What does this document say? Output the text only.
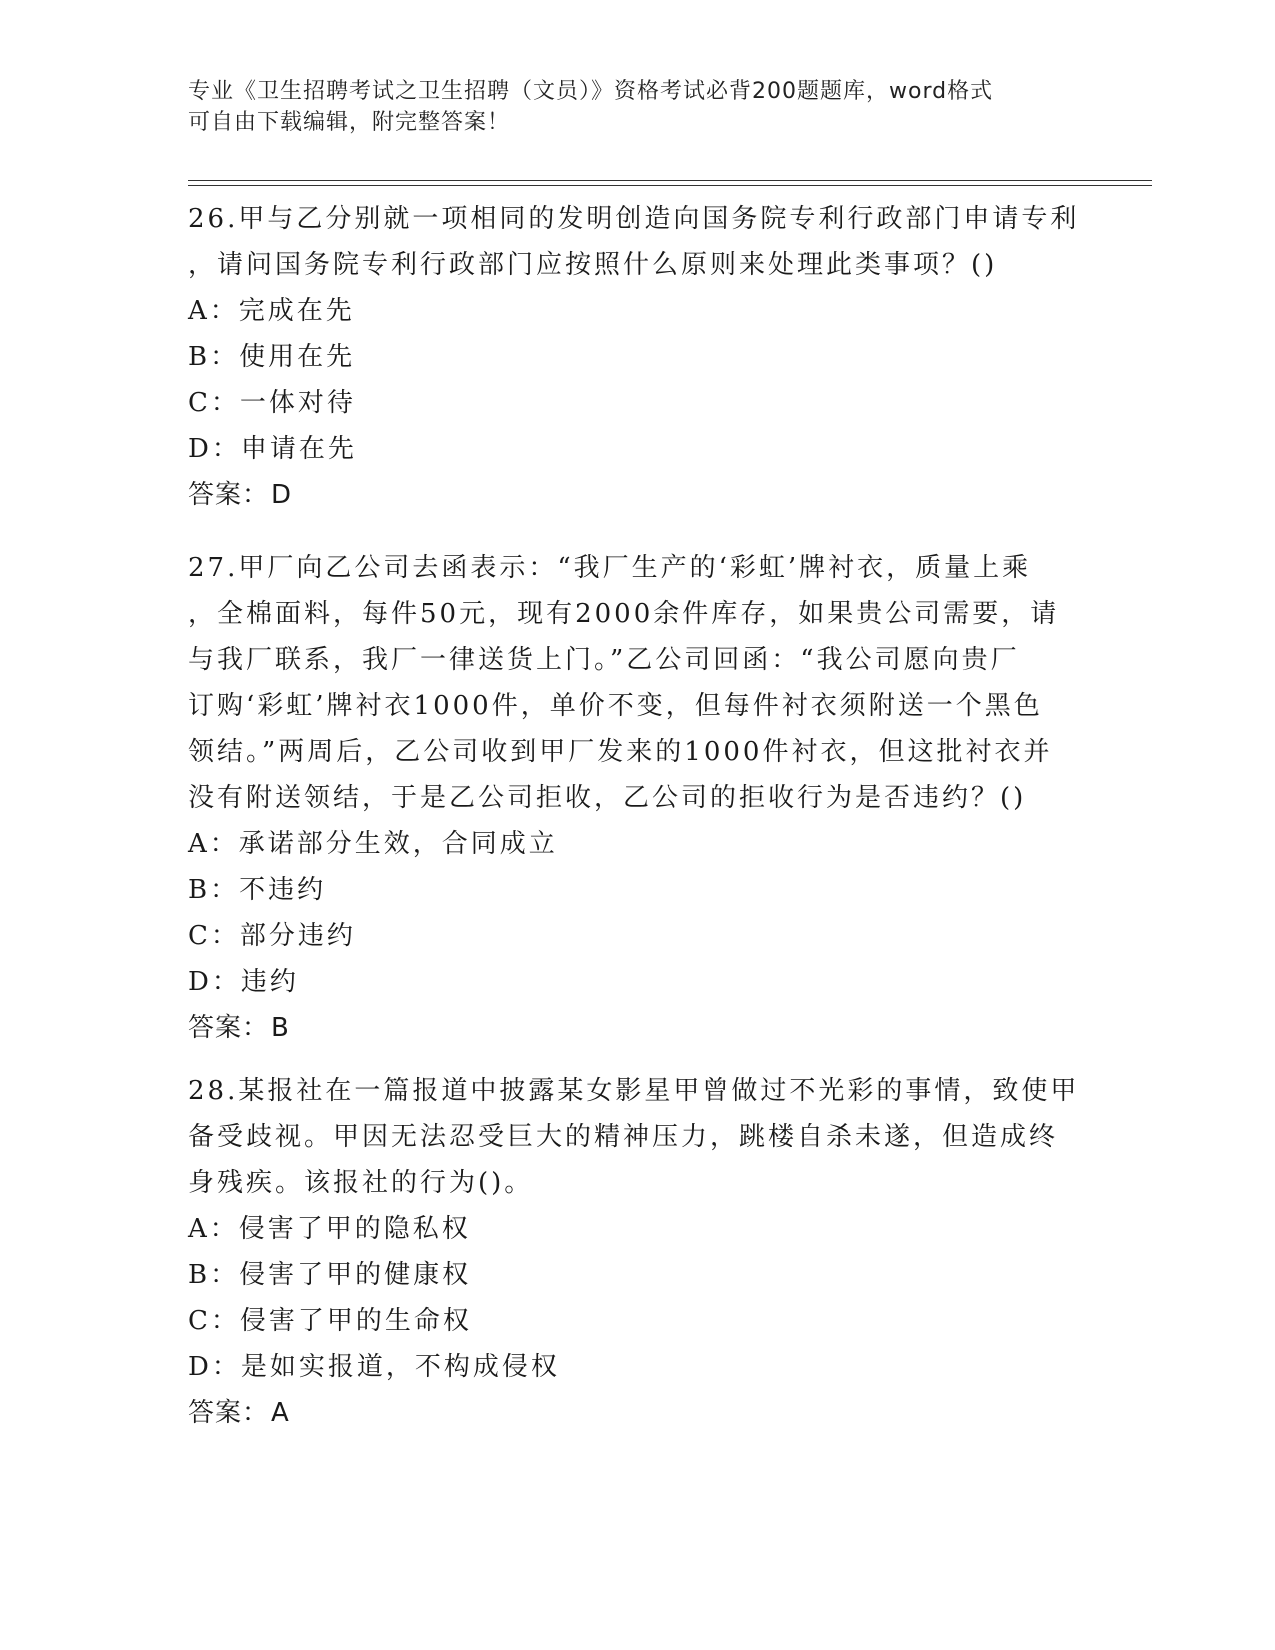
专业《卫生招聘考试之卫生招聘（文员）》资格考试必背200题题库，word格式
可自由下载编辑，附完整答案！
26.甲与乙分别就一项相同的发明创造向国务院专利行政部门申请专利
，请问国务院专利行政部门应按照什么原则来处理此类事项？()
A：完成在先
B：使用在先
C：一体对待
D：申请在先
答案：D
27.甲厂向乙公司去函表示：“我厂生产的‘彩虹’牌衬衣，质量上乘
，全棉面料，每件50元，现有2000余件库存，如果贵公司需要，请
与我厂联系，我厂一律送货上门。”乙公司回函：“我公司愿向贵厂
订购‘彩虹’牌衬衣1000件，单价不变，但每件衬衣须附送一个黑色
领结。”两周后，乙公司收到甲厂发来的1000件衬衣，但这批衬衣并
没有附送领结，于是乙公司拒收，乙公司的拒收行为是否违约？()
A：承诺部分生效，合同成立
B：不违约
C：部分违约
D：违约
答案：B
28.某报社在一篇报道中披露某女影星甲曾做过不光彩的事情，致使甲
备受歧视。甲因无法忍受巨大的精神压力，跳楼自杀未遂，但造成终
身残疾。该报社的行为()。
A：侵害了甲的隐私权
B：侵害了甲的健康权
C：侵害了甲的生命权
D：是如实报道，不构成侵权
答案：A
